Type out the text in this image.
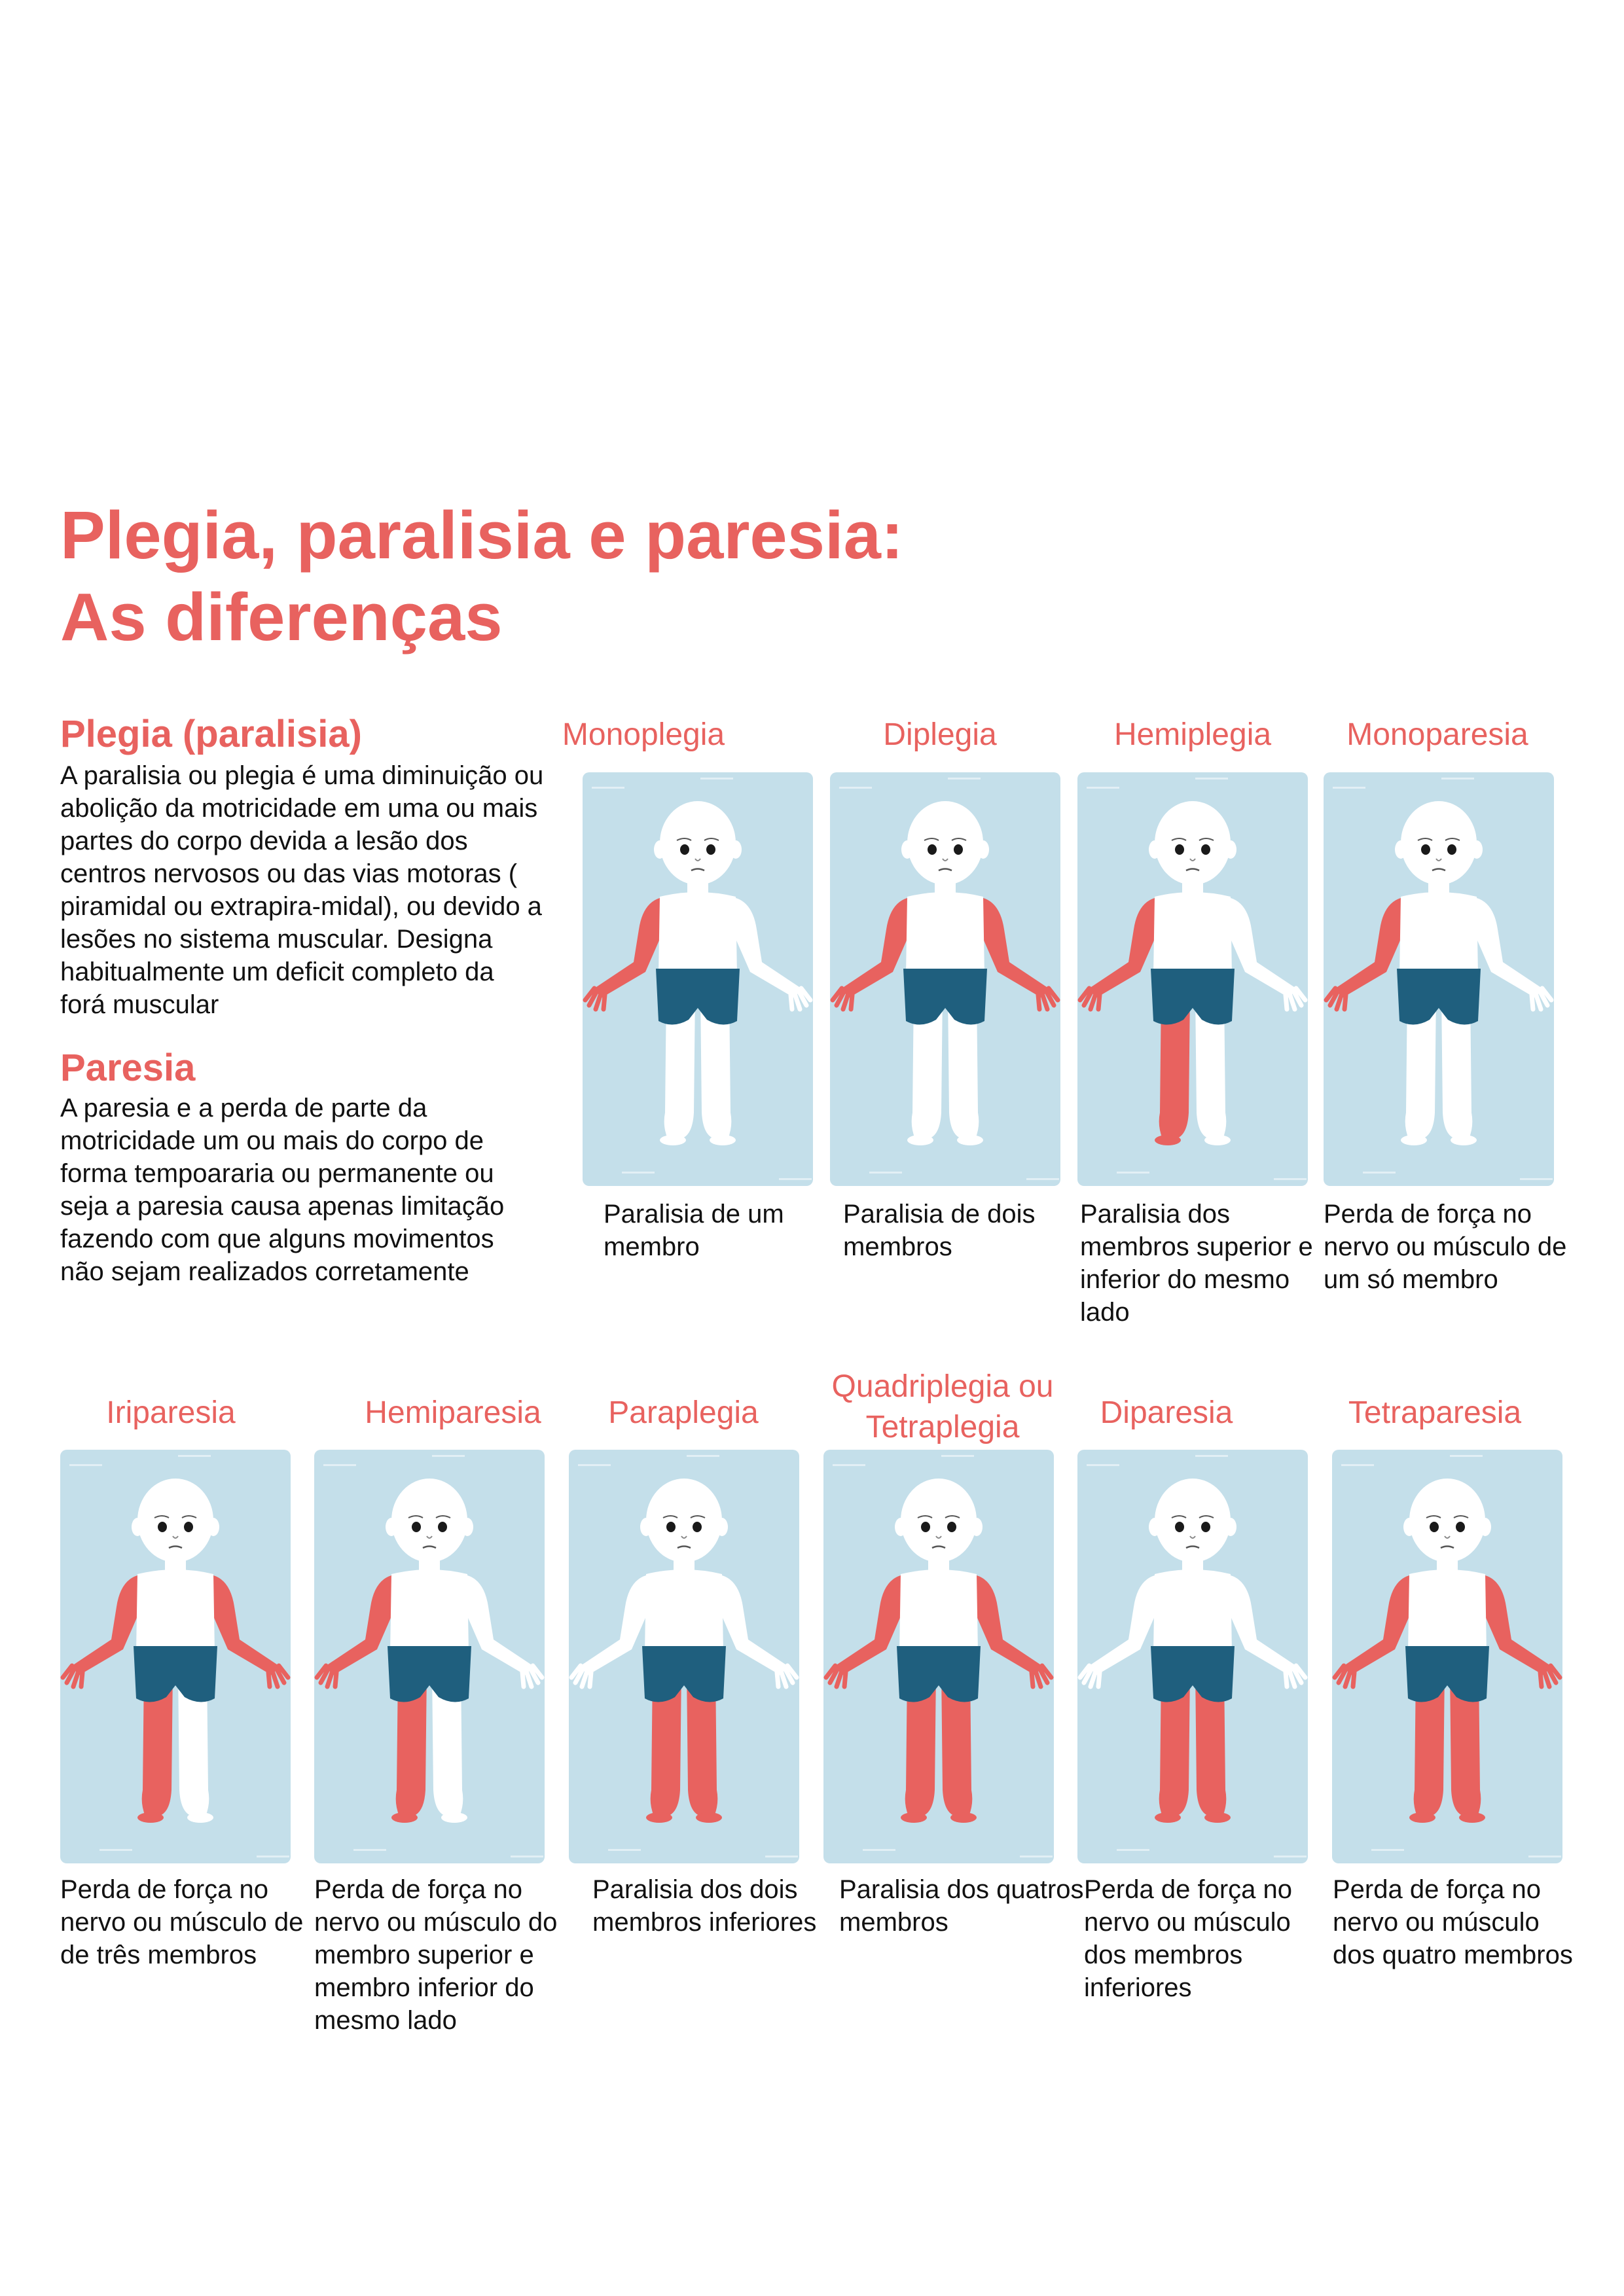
Plegia, paralisia e paresia: As diferenças
Plegia (paralisia)

A paralisia ou plegia é uma diminuição ou abolição da motricidade em uma ou mais partes do corpo devida a lesão dos centros nervosos ou das vias motoras ( piramidal ou extrapira-midal), ou devido a lesões no sistema muscular. Designa habitualmente um deficit completo da forá muscular

Paresia

A paresia e a perda de parte da motricidade um ou mais do corpo de forma tempoararia ou permanente ou seja a paresia causa apenas limitação fazendo com que alguns movimentos não sejam realizados corretamente

Monoplegia
Paralisia de um membro
Diplegia
Paralisia de dois membros
Hemiplegia
Paralisia dos membros superior e inferior do mesmo lado
Monoparesia
Perda de força no nervo ou músculo de um só membro
Iriparesia
Perda de força no nervo ou músculo de de três membros
Hemiparesia
Perda de força no nervo ou músculo do membro superior e membro inferior do mesmo lado
Paraplegia
Paralisia dos dois membros inferiores
Quadriplegia ou Tetraplegia
Paralisia dos quatros membros
Diparesia
Perda de força no nervo ou músculo dos membros inferiores
Tetraparesia
Perda de força no nervo ou músculo dos quatro membros
